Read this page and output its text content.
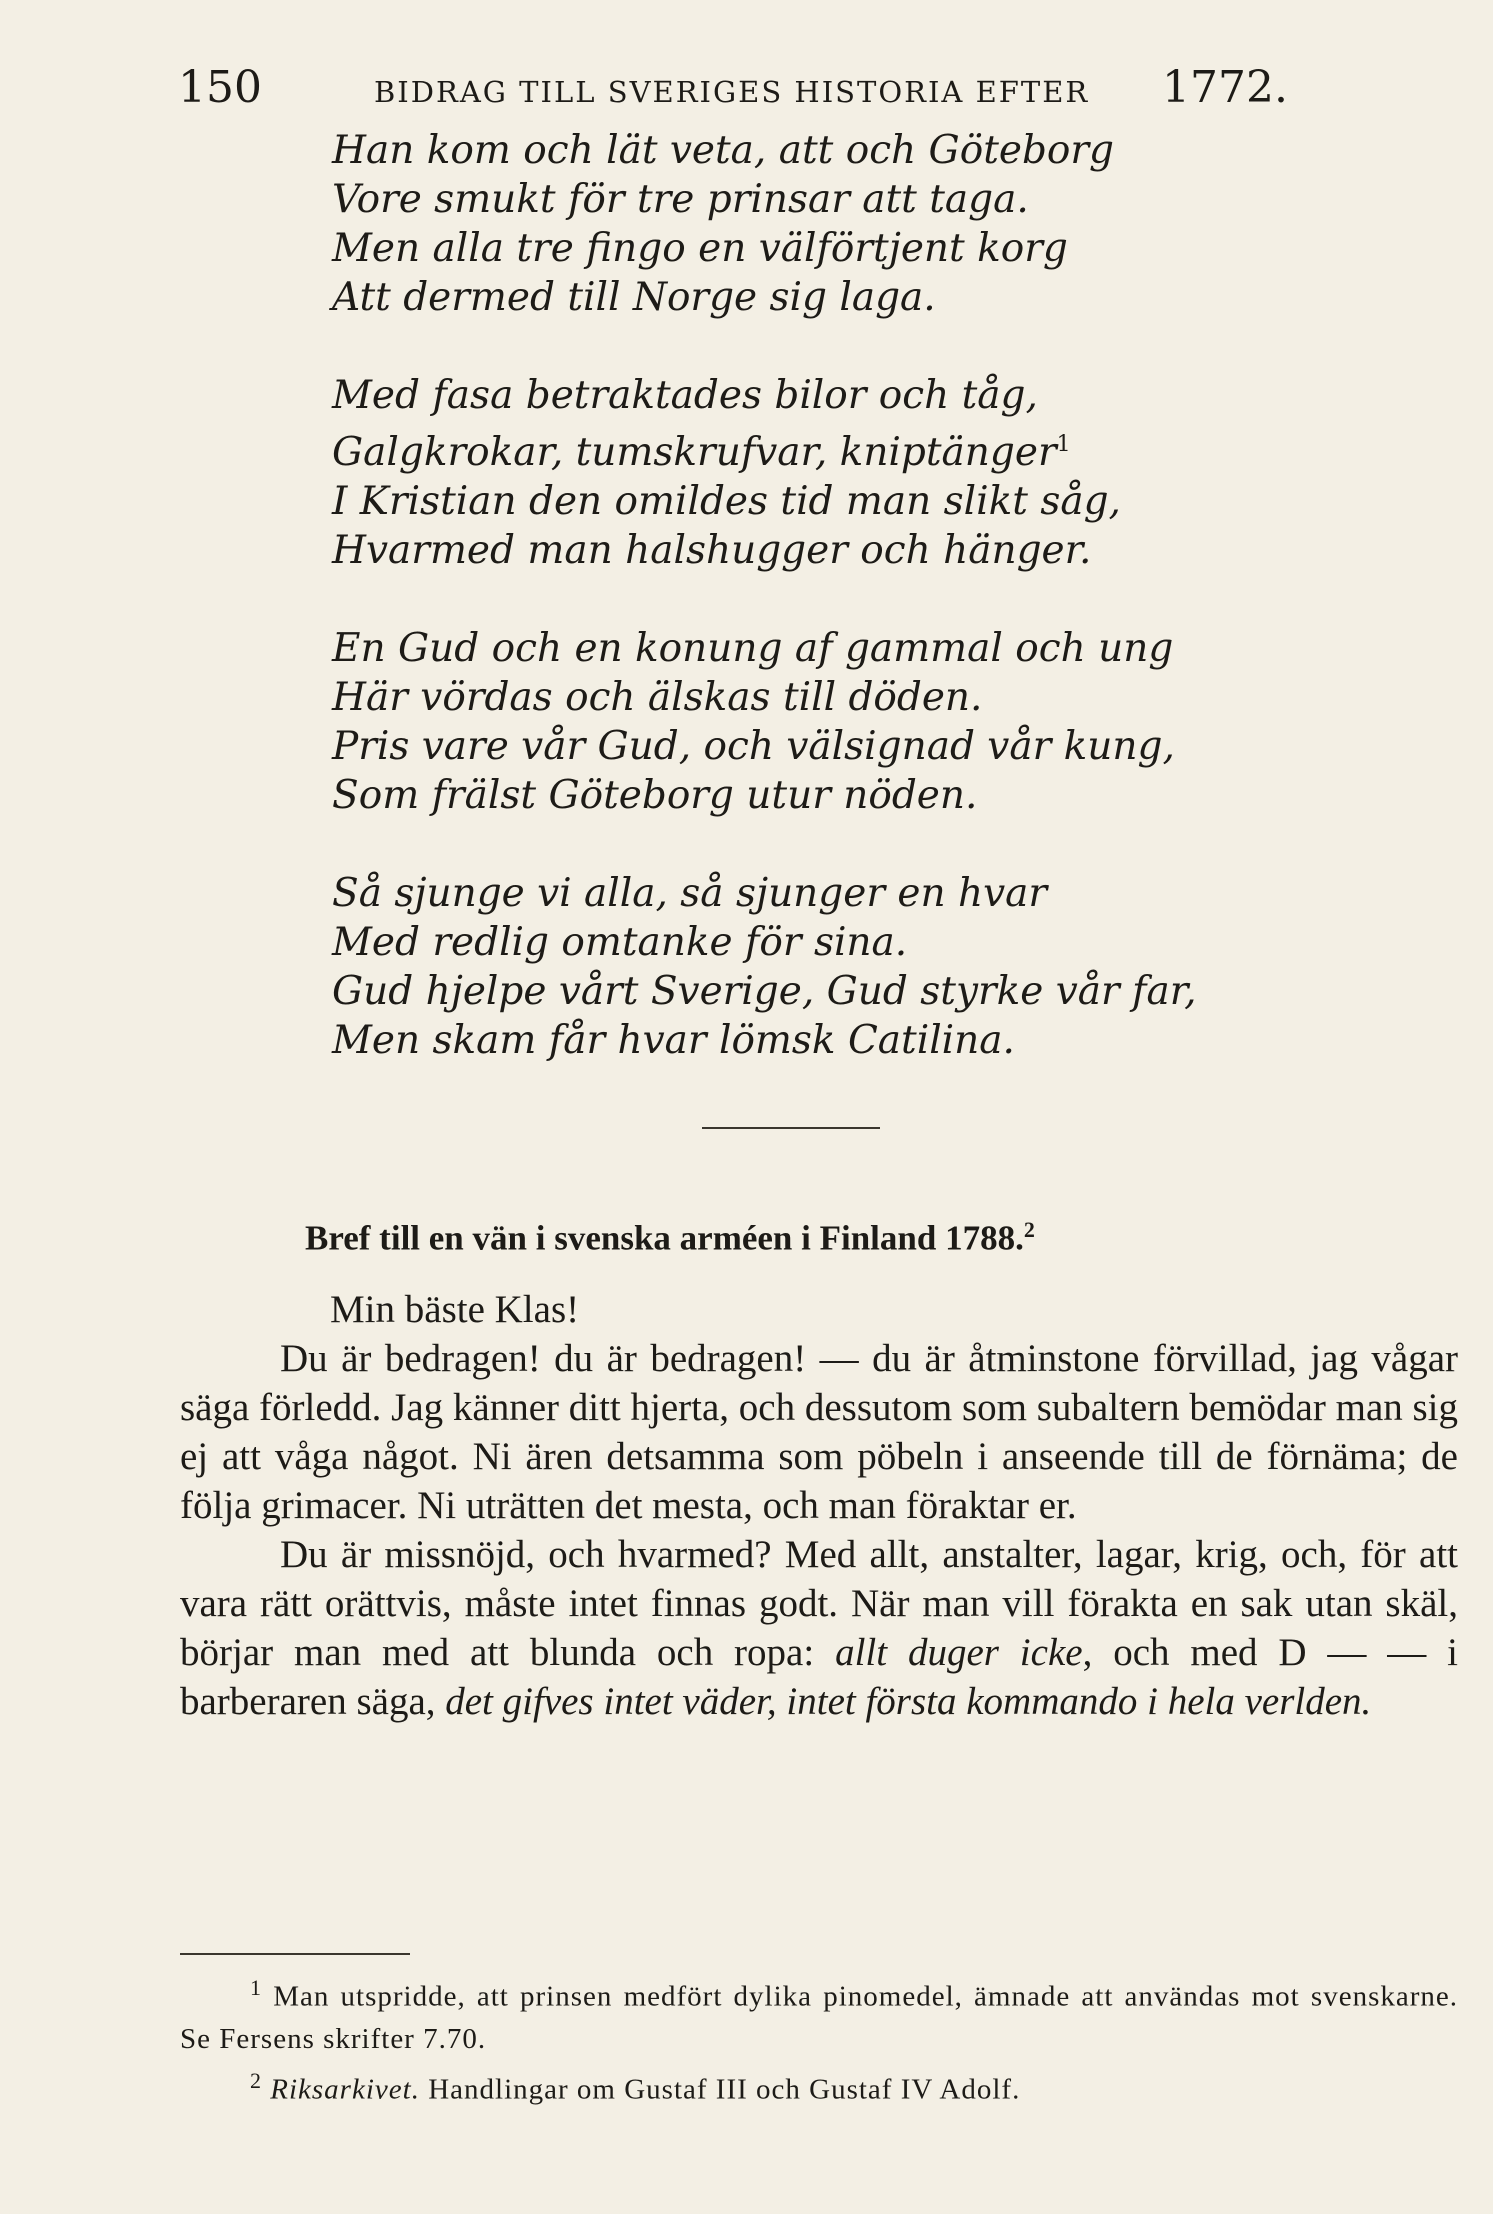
150	BIDRAG TILL SVERIGES HISTORIA EFTER 1772.
Han kom och lät veta, att och Göteborg
Vore smukt för tre prinsar att taga.
Men alla tre fingo en välförtjent korg
Att dermed till Norge sig laga.
Med fasa betraktades bilor och tåg,
Galgkrokar, tumskrufvar, kniptänger$^1$
I Kristian den omildes tid man slikt såg,
Hvarmed man halshugger och hänger.
En Gud och en konung af gammal och ung
Här vördas och älskas till döden.
Pris vare vår Gud, och välsignad vår kung,
Som frälst Göteborg utur nöden.
Så sjunge vi alla, så sjunger en hvar
Med redlig omtanke för sina.
Gud hjelpe vårt Sverige, Gud styrke vår far,
Men skam får hvar lömsk Catilina.
Bref till en vän i svenska arméen i Finland 1788.$^2$

Min bäste Klas!

Du är bedragen! du är bedragen! — du är åtminstone förvillad, jag vågar säga förledd. Jag känner ditt hjerta, och dessutom som subaltern bemödar man sig ej att våga något. Ni ären detsamma som pöbeln i anseende till de förnäma; de följa grimacer. Ni uträtten det mesta, och man föraktar er.

Du är missnöjd, och hvarmed? Med allt, anstalter, lagar, krig, och, för att vara rätt orättvis, måste intet finnas godt. När man vill förakta en sak utan skäl, börjar man med att blunda och ropa: allt duger icke, och med D — — i barberaren säga, det gifves intet väder, intet första kommando i hela verlden.

$^1$ Man utspridde, att prinsen medfört dylika pinomedel, ämnade att användas mot svenskarne. Se Fersens skrifter 7.70.

$^2$ Riksarkivet. Handlingar om Gustaf III och Gustaf IV Adolf.
